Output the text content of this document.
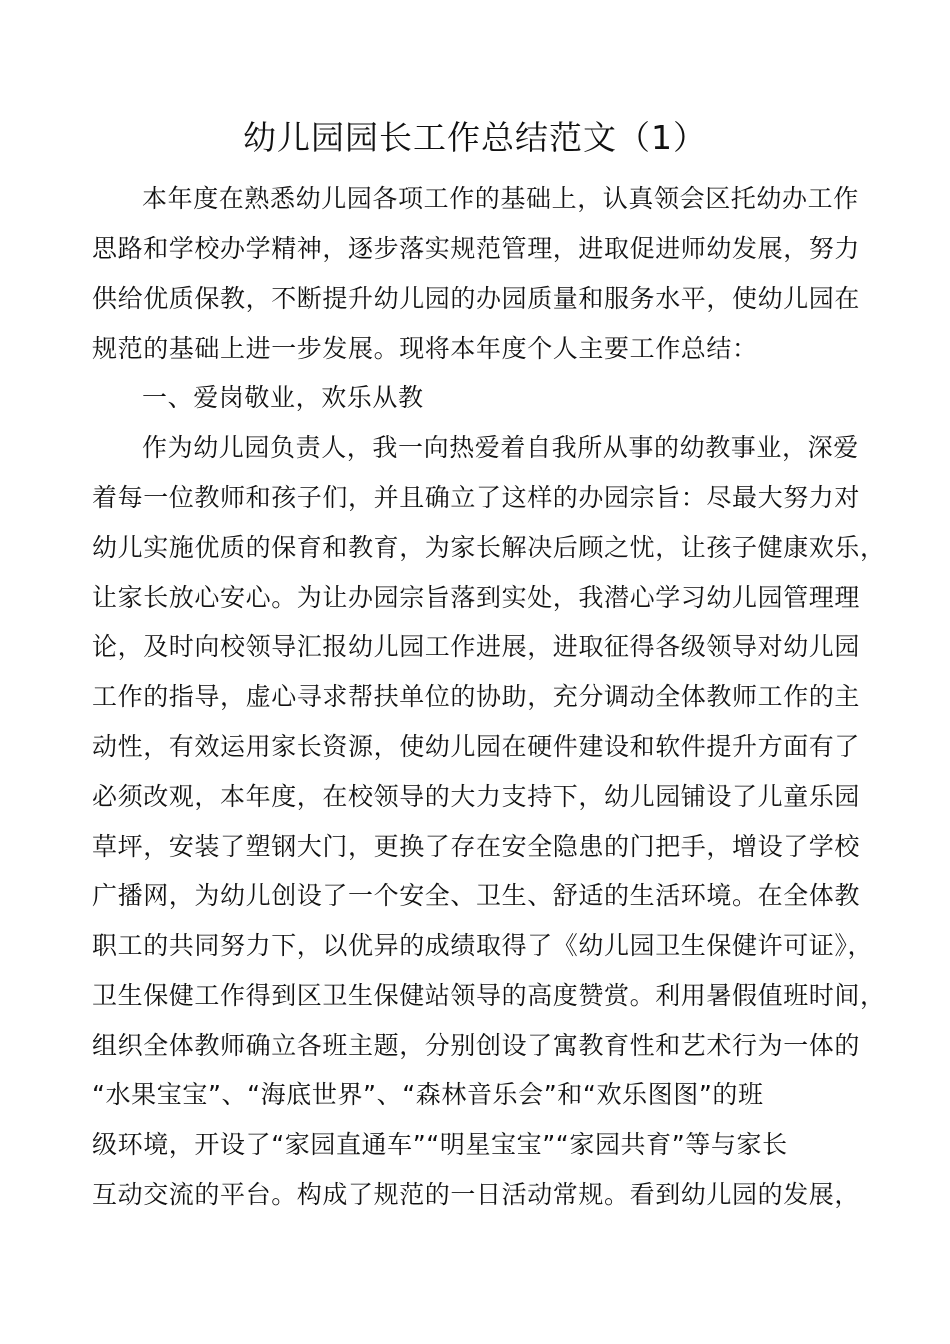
幼儿园园长工作总结范文（1）
本年度在熟悉幼儿园各项工作的基础上，认真领会区托幼办工作
思路和学校办学精神，逐步落实规范管理，进取促进师幼发展，努力
供给优质保教，不断提升幼儿园的办园质量和服务水平，使幼儿园在
规范的基础上进一步发展。现将本年度个人主要工作总结：
一、爱岗敬业，欢乐从教
作为幼儿园负责人，我一向热爱着自我所从事的幼教事业，深爱
着每一位教师和孩子们，并且确立了这样的办园宗旨：尽最大努力对
幼儿实施优质的保育和教育，为家长解决后顾之忧，让孩子健康欢乐，
让家长放心安心。为让办园宗旨落到实处，我潜心学习幼儿园管理理
论，及时向校领导汇报幼儿园工作进展，进取征得各级领导对幼儿园
工作的指导，虚心寻求帮扶单位的协助，充分调动全体教师工作的主
动性，有效运用家长资源，使幼儿园在硬件建设和软件提升方面有了
必须改观，本年度，在校领导的大力支持下，幼儿园铺设了儿童乐园
草坪，安装了塑钢大门，更换了存在安全隐患的门把手，增设了学校
广播网，为幼儿创设了一个安全、卫生、舒适的生活环境。在全体教
职工的共同努力下，以优异的成绩取得了《幼儿园卫生保健许可证》，
卫生保健工作得到区卫生保健站领导的高度赞赏。利用暑假值班时间，
组织全体教师确立各班主题，分别创设了寓教育性和艺术行为一体的
“水果宝宝”、“海底世界”、“森林音乐会”和“欢乐图图”的班
级环境，开设了“家园直通车”“明星宝宝”“家园共育”等与家长
互动交流的平台。构成了规范的一日活动常规。看到幼儿园的发展，
